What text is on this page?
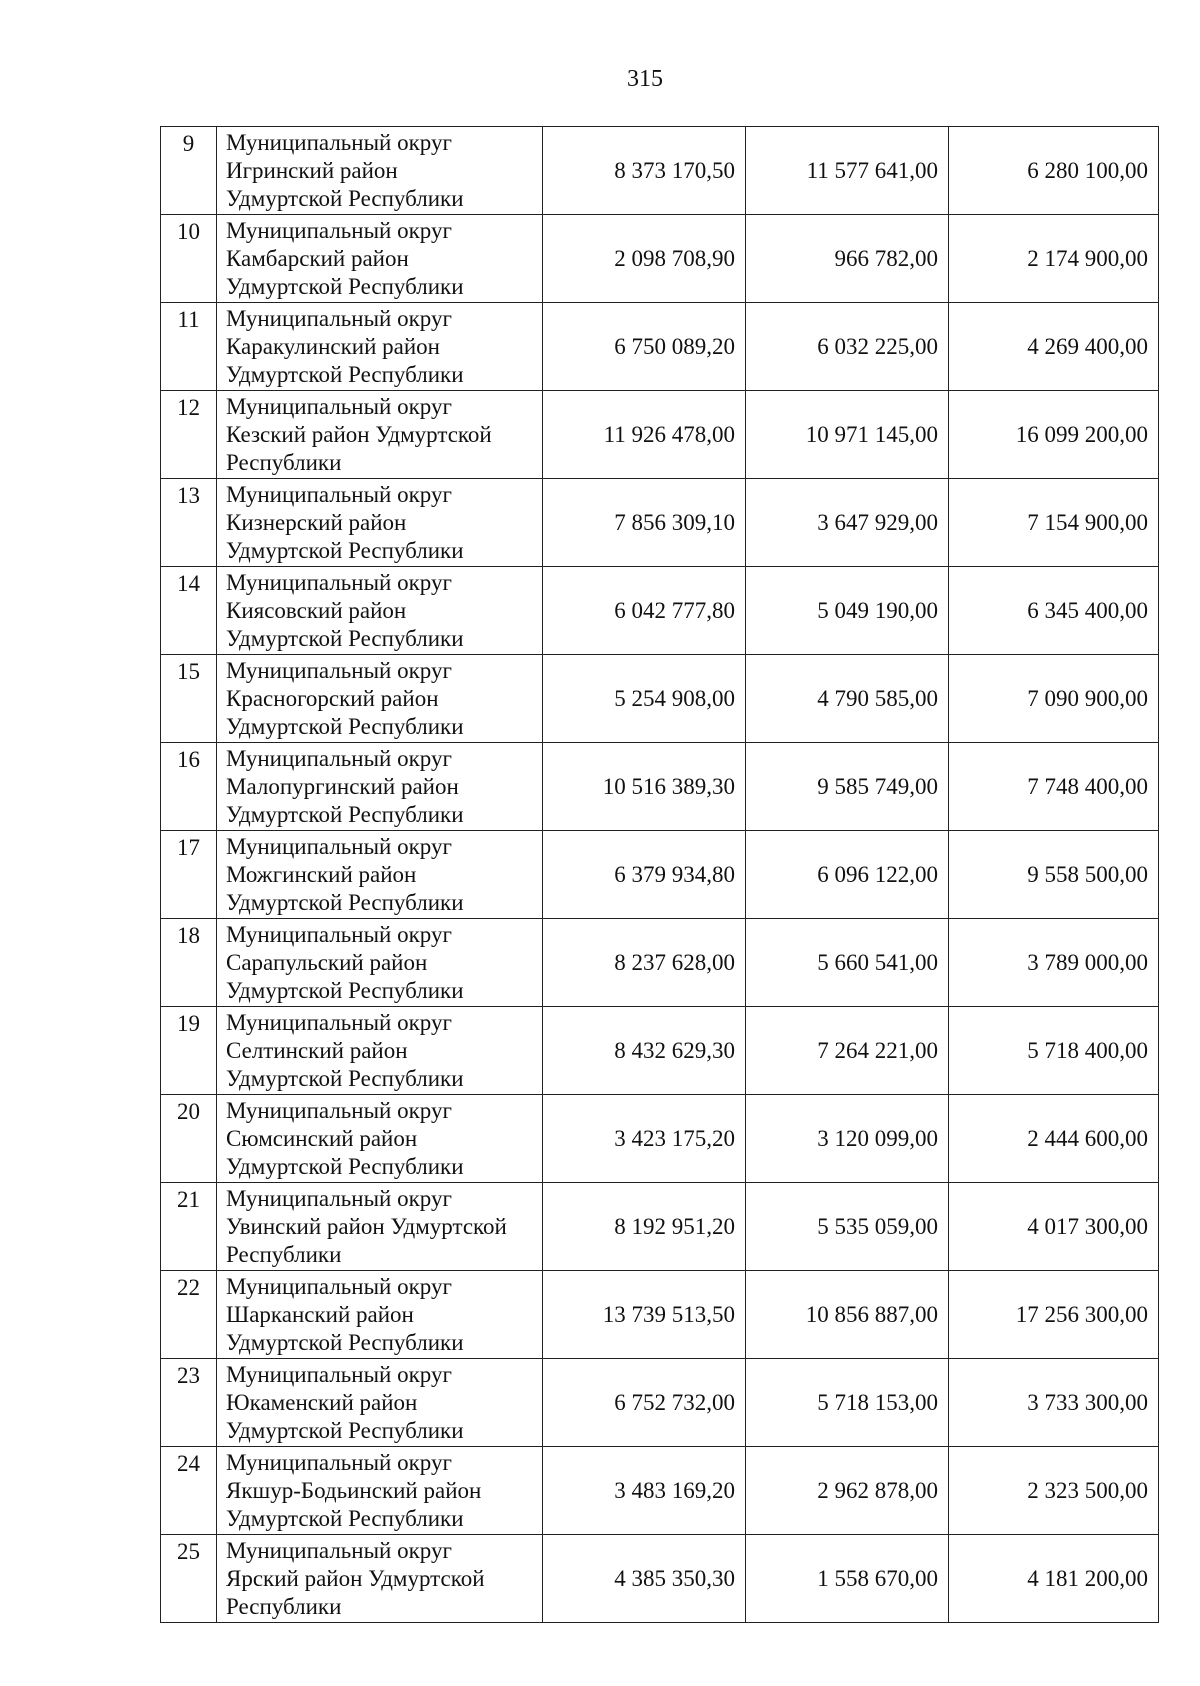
315
9	Муниципальный округ
Игринский район
Удмуртской Республики	8 373 170,50	11 577 641,00	6 280 100,00
10	Муниципальный округ
Камбарский район
Удмуртской Республики	2 098 708,90	966 782,00	2 174 900,00
11	Муниципальный округ
Каракулинский район
Удмуртской Республики	6 750 089,20	6 032 225,00	4 269 400,00
12	Муниципальный округ
Кезский район Удмуртской
Республики	11 926 478,00	10 971 145,00	16 099 200,00
13	Муниципальный округ
Кизнерский район
Удмуртской Республики	7 856 309,10	3 647 929,00	7 154 900,00
14	Муниципальный округ
Киясовский район
Удмуртской Республики	6 042 777,80	5 049 190,00	6 345 400,00
15	Муниципальный округ
Красногорский район
Удмуртской Республики	5 254 908,00	4 790 585,00	7 090 900,00
16	Муниципальный округ
Малопургинский район
Удмуртской Республики	10 516 389,30	9 585 749,00	7 748 400,00
17	Муниципальный округ
Можгинский район
Удмуртской Республики	6 379 934,80	6 096 122,00	9 558 500,00
18	Муниципальный округ
Сарапульский район
Удмуртской Республики	8 237 628,00	5 660 541,00	3 789 000,00
19	Муниципальный округ
Селтинский район
Удмуртской Республики	8 432 629,30	7 264 221,00	5 718 400,00
20	Муниципальный округ
Сюмсинский район
Удмуртской Республики	3 423 175,20	3 120 099,00	2 444 600,00
21	Муниципальный округ
Увинский район Удмуртской
Республики	8 192 951,20	5 535 059,00	4 017 300,00
22	Муниципальный округ
Шарканский район
Удмуртской Республики	13 739 513,50	10 856 887,00	17 256 300,00
23	Муниципальный округ
Юкаменский район
Удмуртской Республики	6 752 732,00	5 718 153,00	3 733 300,00
24	Муниципальный округ
Якшур-Бодьинский район
Удмуртской Республики	3 483 169,20	2 962 878,00	2 323 500,00
25	Муниципальный округ
Ярский район Удмуртской
Республики	4 385 350,30	1 558 670,00	4 181 200,00
